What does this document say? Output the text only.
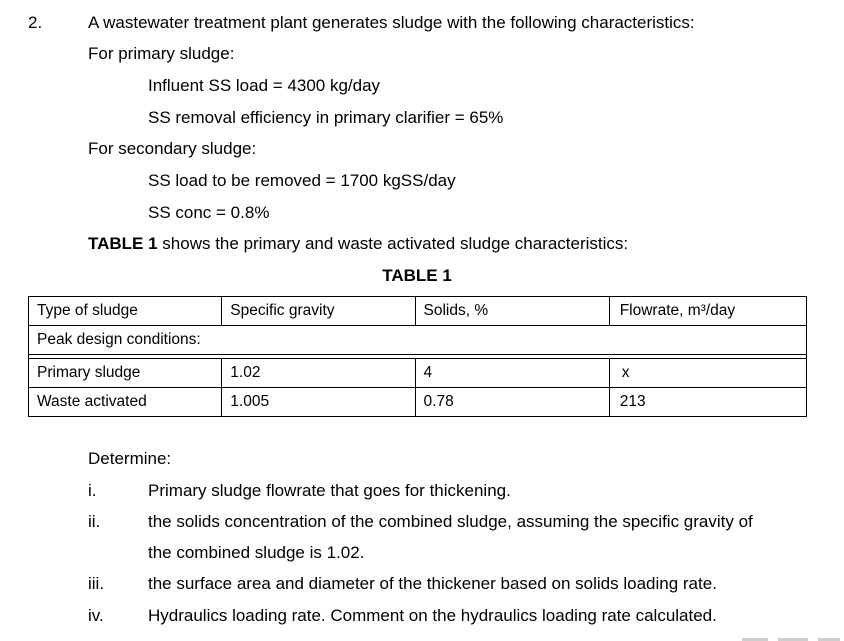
2.	A wastewater treatment plant generates sludge with the following characteristics:
For primary sludge:
Influent SS load = 4300 kg/day
SS removal efficiency in primary clarifier = 65%
For secondary sludge:
SS load to be removed = 1700 kgSS/day
SS conc = 0.8%
TABLE 1 shows the primary and waste activated sludge characteristics:
TABLE 1
Type of sludge	Specific gravity	Solids, %	Flowrate, m³/day
Peak design conditions:			

Primary sludge	1.02	4	x
Waste activated	1.005	0.78	213
Determine:
i.	Primary sludge flowrate that goes for thickening.
ii.	the solids concentration of the combined sludge, assuming the specific gravity of
the combined sludge is 1.02.
iii.	the surface area and diameter of the thickener based on solids loading rate.
iv.	Hydraulics loading rate. Comment on the hydraulics loading rate calculated.
